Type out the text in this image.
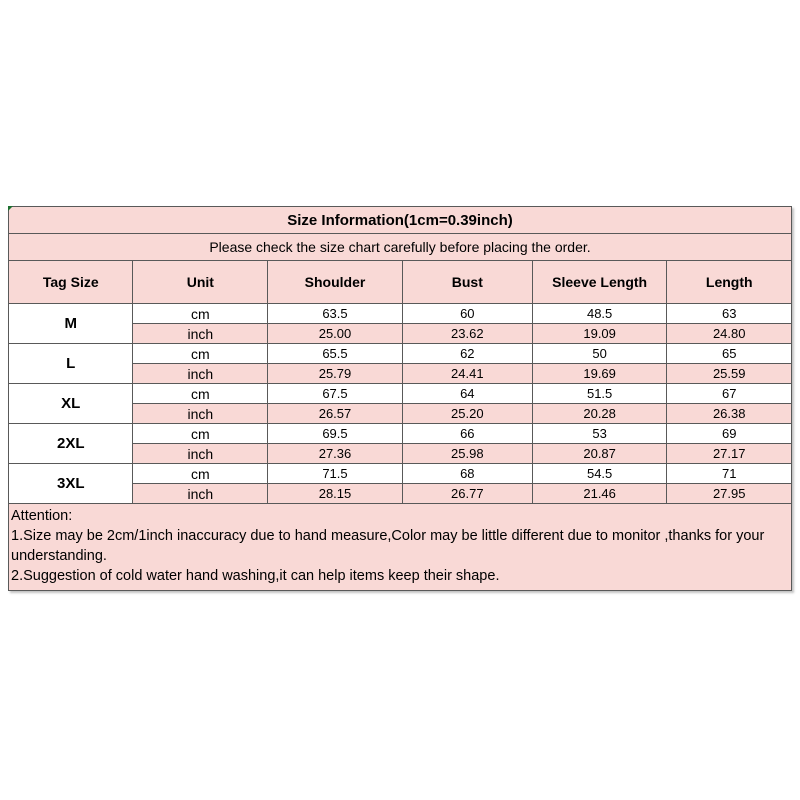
Size Information(1cm=0.39inch)					
Please check the size chart carefully before placing the order.					
Tag Size	Unit	Shoulder	Bust	Sleeve Length	Length
M	cm	63.5	60	48.5	63
	inch	25.00	23.62	19.09	24.80
L	cm	65.5	62	50	65
	inch	25.79	24.41	19.69	25.59
XL	cm	67.5	64	51.5	67
	inch	26.57	25.20	20.28	26.38
2XL	cm	69.5	66	53	69
	inch	27.36	25.98	20.87	27.17
3XL	cm	71.5	68	54.5	71
	inch	28.15	26.77	21.46	27.95

Attention:

1.Size may be 2cm/1inch inaccuracy due to hand measure,Color may be little different due to monitor ,thanks for your understanding.

2.Suggestion of cold water hand washing,it can help items keep their shape.
